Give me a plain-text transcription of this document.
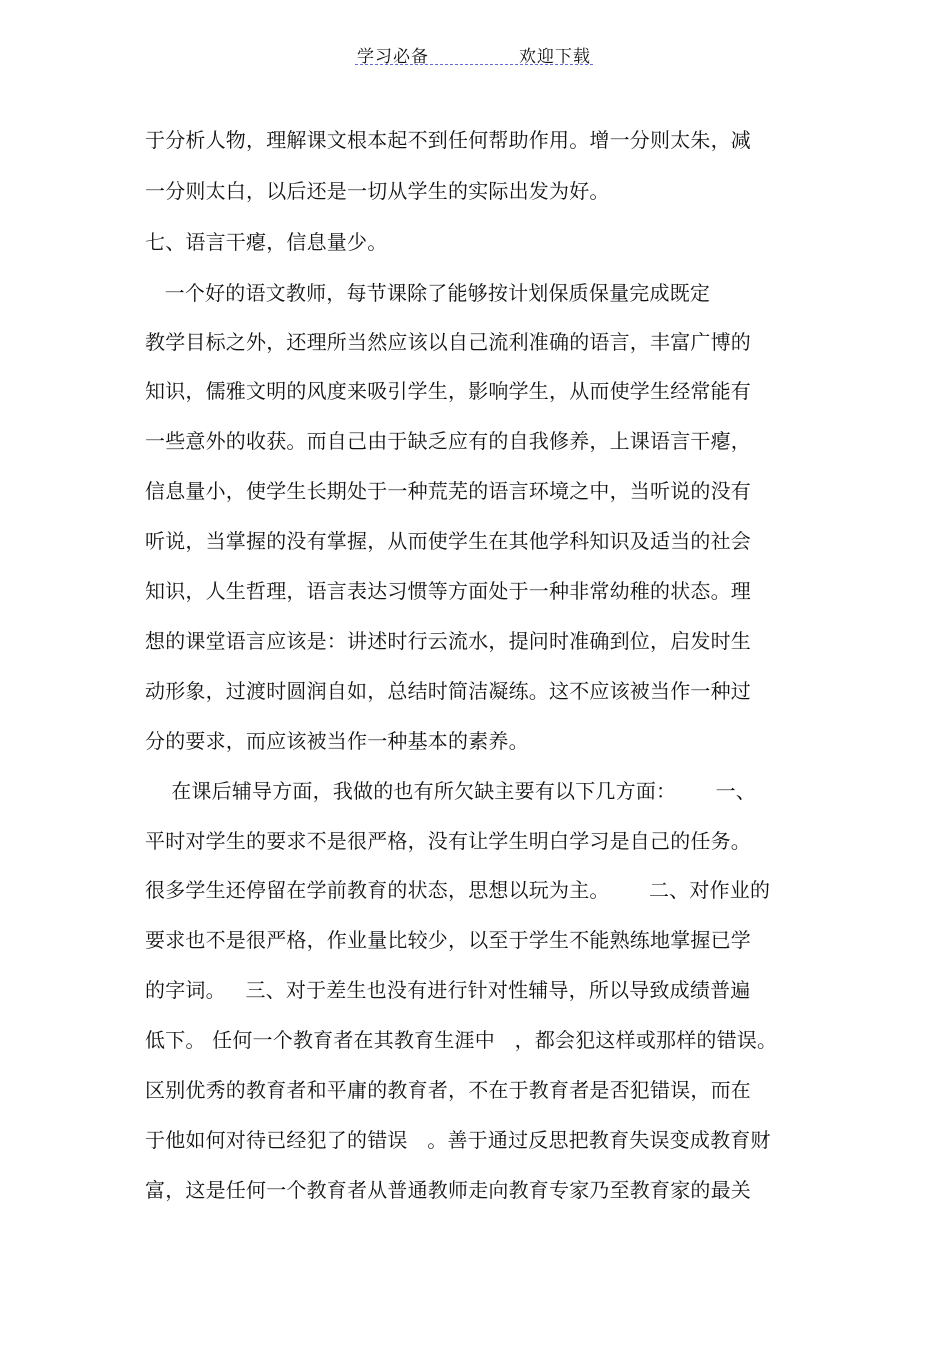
学习必备	欢迎下载
于分析人物，理解课文根本起不到任何帮助作用。增一分则太朱，减
一分则太白，以后还是一切从学生的实际出发为好。
七、语言干瘪，信息量少。
一个好的语文教师，每节课除了能够按计划保质保量完成既定
教学目标之外，还理所当然应该以自己流利准确的语言，丰富广博的
知识，儒雅文明的风度来吸引学生，影响学生，从而使学生经常能有
一些意外的收获。而自己由于缺乏应有的自我修养，上课语言干瘪，
信息量小，使学生长期处于一种荒芜的语言环境之中，当听说的没有
听说，当掌握的没有掌握，从而使学生在其他学科知识及适当的社会
知识，人生哲理，语言表达习惯等方面处于一种非常幼稚的状态。理
想的课堂语言应该是：讲述时行云流水，提问时准确到位，启发时生
动形象，过渡时圆润自如，总结时简洁凝练。这不应该被当作一种过
分的要求，而应该被当作一种基本的素养。
在课后辅导方面，我做的也有所欠缺主要有以下几方面：      一、
平时对学生的要求不是很严格，没有让学生明白学习是自己的任务。
很多学生还停留在学前教育的状态，思想以玩为主。      二、对作业的
要求也不是很严格，作业量比较少，以至于学生不能熟练地掌握已学
的字词。   三、对于差生也没有进行针对性辅导，所以导致成绩普遍
低下。 任何一个教育者在其教育生涯中   ，都会犯这样或那样的错误。
区别优秀的教育者和平庸的教育者，不在于教育者是否犯错误，而在
于他如何对待已经犯了的错误   。善于通过反思把教育失误变成教育财
富，这是任何一个教育者从普通教师走向教育专家乃至教育家的最关
